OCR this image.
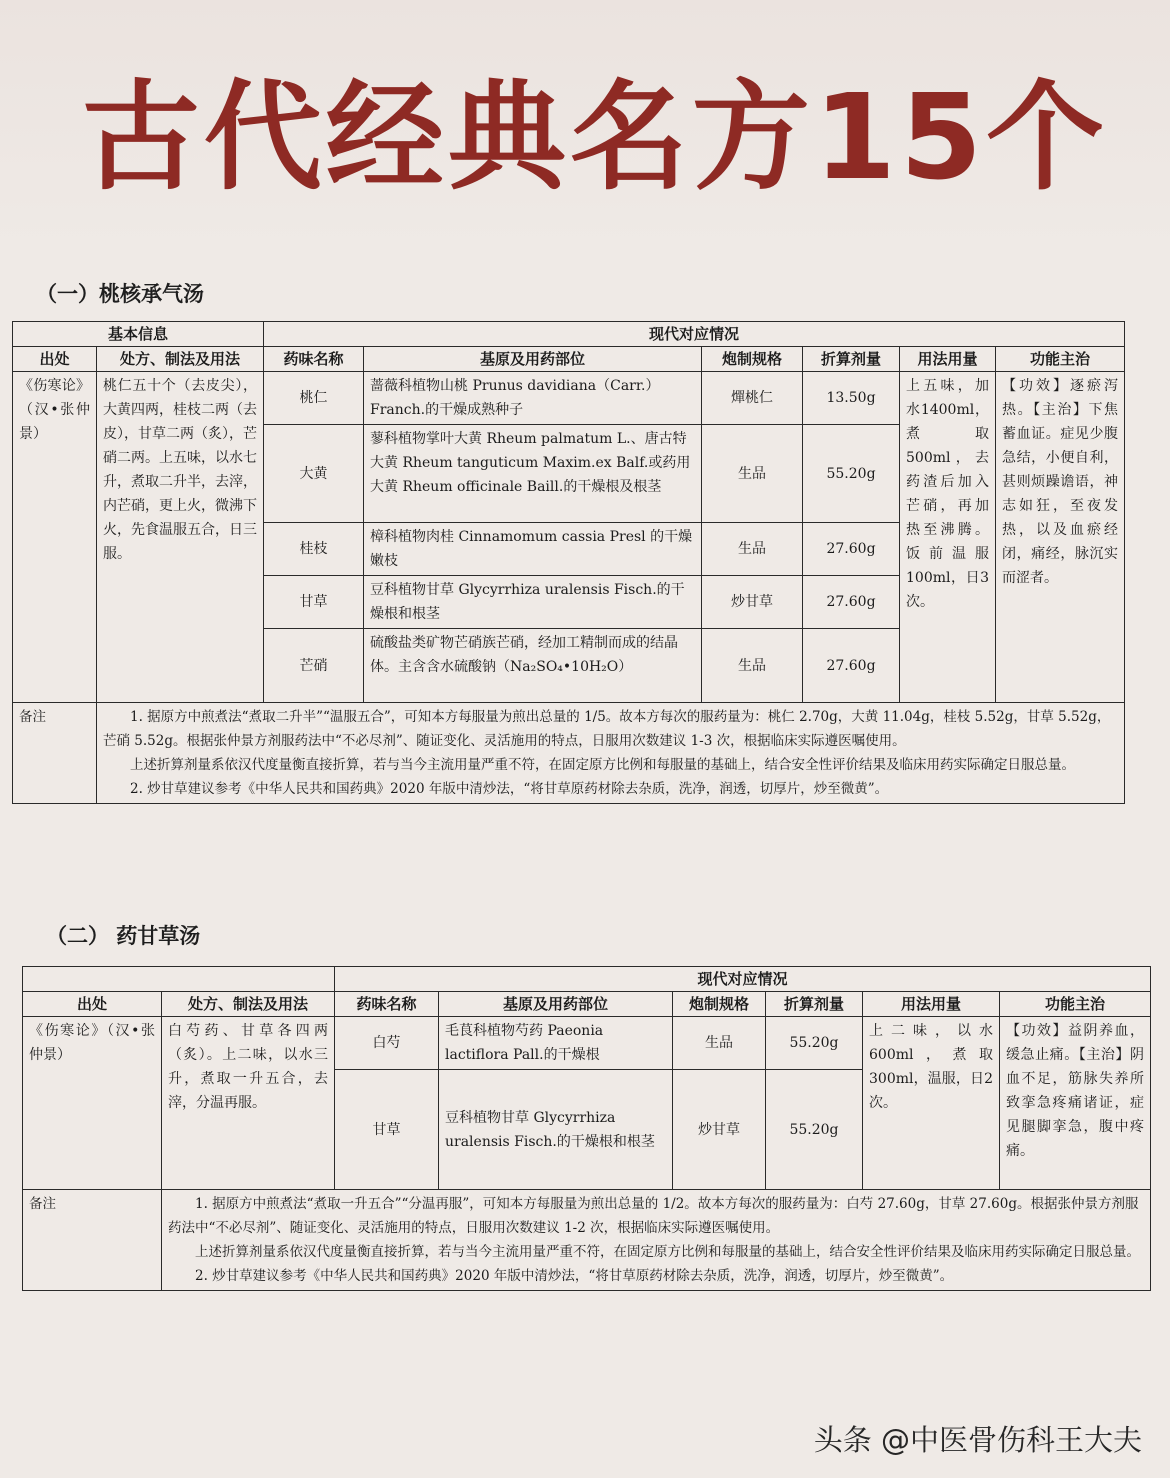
古代经典名方15个
（一）桃核承气汤
基本信息		现代对应情况					
出处	处方、制法及用法	药味名称	基原及用药部位	炮制规格	折算剂量	用法用量	功能主治
《伤寒论》（汉•张仲景）	桃仁五十个（去皮尖），大黄四两，桂枝二两（去皮），甘草二两（炙），芒硝二两。上五味，以水七升，煮取二升半，去滓，内芒硝，更上火，微沸下火，先食温服五合，日三服。	桃仁	蔷薇科植物山桃 Prunus davidiana（Carr.）Franch.的干燥成熟种子	燀桃仁	13.50g	上五味，加水1400ml，煮取500ml，去药渣后加入芒硝，再加热至沸腾。饭前温服100ml，日3次。	【功效】逐瘀泻热。【主治】下焦蓄血证。症见少腹急结，小便自利，甚则烦躁谵语，神志如狂，至夜发热，以及血瘀经闭，痛经，脉沉实而涩者。
		大黄	蓼科植物掌叶大黄 Rheum palmatum L.、唐古特大黄 Rheum tanguticum Maxim.ex Balf.或药用大黄 Rheum officinale Baill.的干燥根及根茎	生品	55.20g		
		桂枝	樟科植物肉桂 Cinnamomum cassia Presl 的干燥嫩枝	生品	27.60g		
		甘草	豆科植物甘草 Glycyrrhiza uralensis Fisch.的干燥根和根茎	炒甘草	27.60g		
		芒硝	硫酸盐类矿物芒硝族芒硝，经加工精制而成的结晶体。主含含水硫酸钠（Na₂SO₄•10H₂O）	生品	27.60g		
备注	1. 据原方中煎煮法“煮取二升半”“温服五合”，可知本方每服量为煎出总量的 1/5。故本方每次的服药量为：桃仁 2.70g，大黄 11.04g，桂枝 5.52g，甘草 5.52g，芒硝 5.52g。根据张仲景方剂服药法中“不必尽剂”、随证变化、灵活施用的特点，日服用次数建议 1-3 次，根据临床实际遵医嘱使用。

上述折算剂量系依汉代度量衡直接折算，若与当今主流用量严重不符，在固定原方比例和每服量的基础上，结合安全性评价结果及临床用药实际确定日服总量。

2. 炒甘草建议参考《中华人民共和国药典》2020 年版中清炒法，“将甘草原药材除去杂质，洗净，润透，切厚片，炒至微黄”。						

（二） 药甘草汤
		现代对应情况					
出处	处方、制法及用法	药味名称	基原及用药部位	炮制规格	折算剂量	用法用量	功能主治
《伤寒论》（汉•张仲景）	白芍药、甘草各四两（炙）。上二味，以水三升，煮取一升五合，去滓，分温再服。	白芍	毛茛科植物芍药 Paeonia lactiflora Pall.的干燥根	生品	55.20g	上二味，以水600ml，煮取300ml，温服，日2次。	【功效】益阴养血，缓急止痛。【主治】阴血不足，筋脉失养所致挛急疼痛诸证，症见腿脚挛急，腹中疼痛。
		甘草	豆科植物甘草 Glycyrrhiza uralensis Fisch.的干燥根和根茎	炒甘草	55.20g		
备注	1. 据原方中煎煮法“煮取一升五合”“分温再服”，可知本方每服量为煎出总量的 1/2。故本方每次的服药量为：白芍 27.60g，甘草 27.60g。根据张仲景方剂服药法中“不必尽剂”、随证变化、灵活施用的特点，日服用次数建议 1-2 次，根据临床实际遵医嘱使用。

上述折算剂量系依汉代度量衡直接折算，若与当今主流用量严重不符，在固定原方比例和每服量的基础上，结合安全性评价结果及临床用药实际确定日服总量。

2. 炒甘草建议参考《中华人民共和国药典》2020 年版中清炒法，“将甘草原药材除去杂质，洗净，润透，切厚片，炒至微黄”。						

头条 @中医骨伤科王大夫
